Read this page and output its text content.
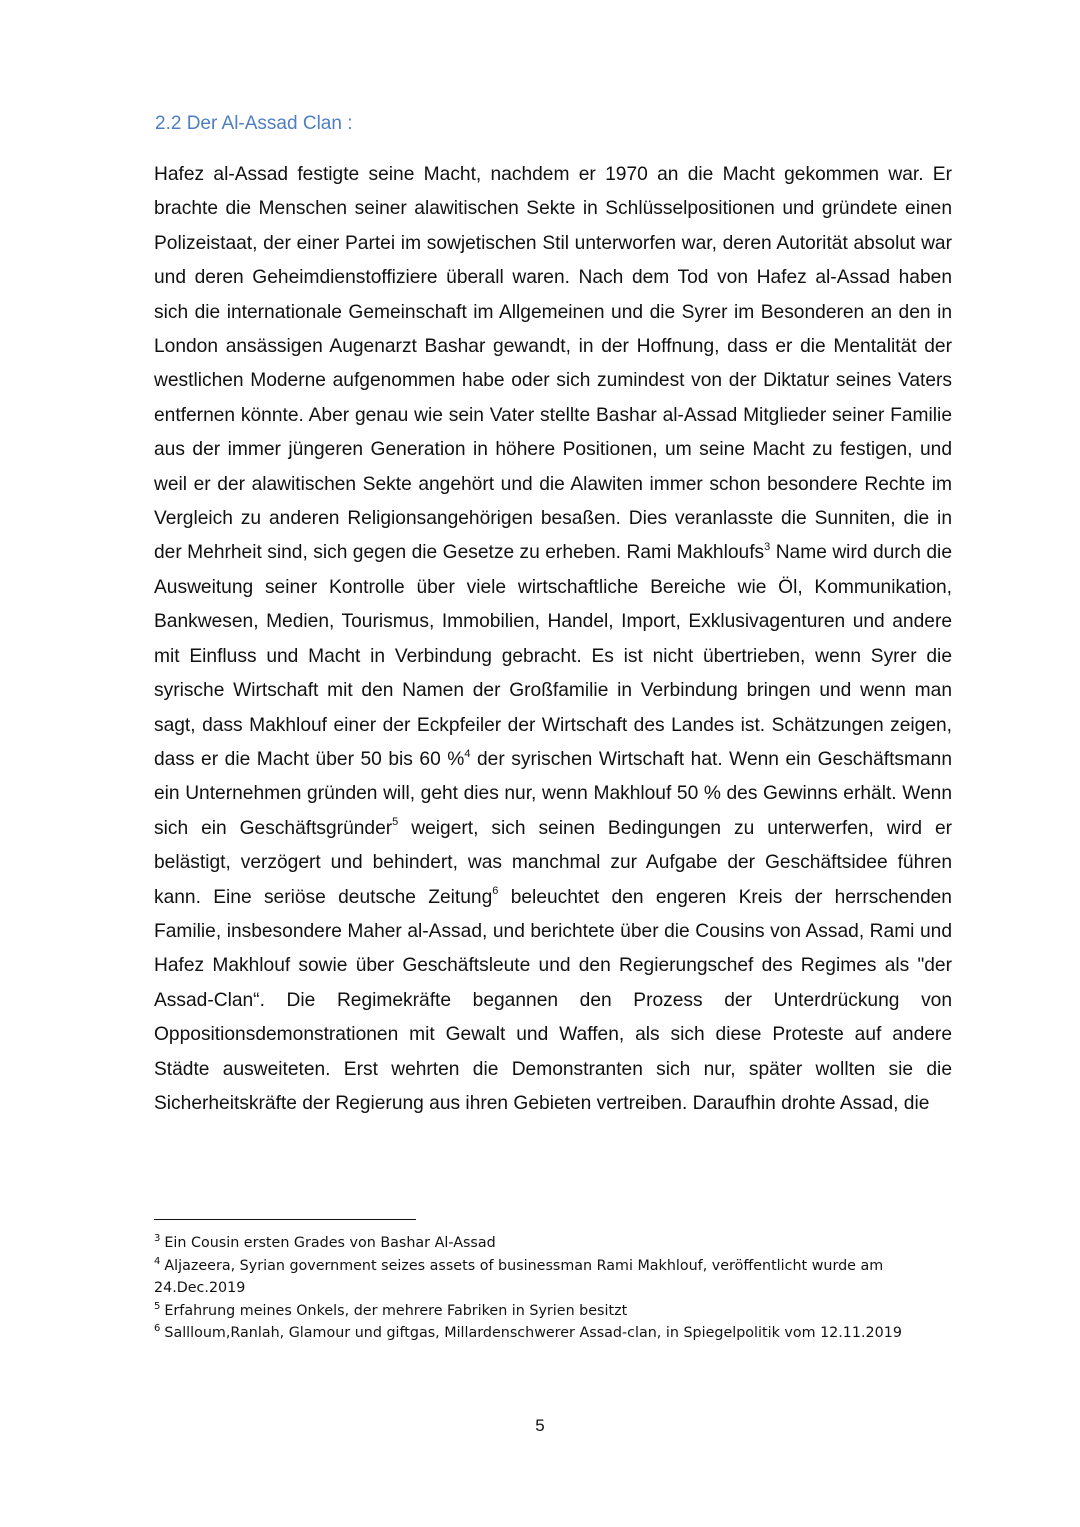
2.2 Der Al-Assad Clan :

Hafez al-Assad festigte seine Macht, nachdem er 1970 an die Macht gekommen war. Er brachte die Menschen seiner alawitischen Sekte in Schlüsselpositionen und gründete einen Polizeistaat, der einer Partei im sowjetischen Stil unterworfen war, deren Autorität absolut war und deren Geheimdienstoffiziere überall waren. Nach dem Tod von Hafez al-Assad haben sich die internationale Gemeinschaft im Allgemeinen und die Syrer im Besonderen an den in London ansässigen Augenarzt Bashar gewandt, in der Hoffnung, dass er die Mentalität der westlichen Moderne aufgenommen habe oder sich zumindest von der Diktatur seines Vaters entfernen könnte. Aber genau wie sein Vater stellte Bashar al-Assad Mitglieder seiner Familie aus der immer jüngeren Generation in höhere Positionen, um seine Macht zu festigen, und weil er der alawitischen Sekte angehört und die Alawiten immer schon besondere Rechte im Vergleich zu anderen Religionsangehörigen besaßen. Dies veranlasste die Sunniten, die in der Mehrheit sind, sich gegen die Gesetze zu erheben. Rami Makhloufs$^3$ Name wird durch die Ausweitung seiner Kontrolle über viele wirtschaftliche Bereiche wie Öl, Kommunikation, Bankwesen, Medien, Tourismus, Immobilien, Handel, Import, Exklusivagenturen und andere mit Einfluss und Macht in Verbindung gebracht. Es ist nicht übertrieben, wenn Syrer die syrische Wirtschaft mit den Namen der Großfamilie in Verbindung bringen und wenn man sagt, dass Makhlouf einer der Eckpfeiler der Wirtschaft des Landes ist. Schätzungen zeigen, dass er die Macht über 50 bis 60 %$^4$ der syrischen Wirtschaft hat. Wenn ein Geschäftsmann ein Unternehmen gründen will, geht dies nur, wenn Makhlouf 50 % des Gewinns erhält. Wenn sich ein Geschäftsgründer$^5$ weigert, sich seinen Bedingungen zu unterwerfen, wird er belästigt, verzögert und behindert, was manchmal zur Aufgabe der Geschäftsidee führen kann. Eine seriöse deutsche Zeitung$^6$ beleuchtet den engeren Kreis der herrschenden Familie, insbesondere Maher al-Assad, und berichtete über die Cousins von Assad, Rami und Hafez Makhlouf sowie über Geschäftsleute und den Regierungschef des Regimes als "der Assad-Clan“. Die Regimekräfte begannen den Prozess der Unterdrückung von Oppositionsdemonstrationen mit Gewalt und Waffen, als sich diese Proteste auf andere Städte ausweiteten. Erst wehrten die Demonstranten sich nur, später wollten sie die Sicherheitskräfte der Regierung aus ihren Gebieten vertreiben. Daraufhin drohte Assad, die

$^3$ Ein Cousin ersten Grades von Bashar Al-Assad

$^4$ Aljazeera, Syrian government seizes assets of businessman Rami Makhlouf, veröffentlicht wurde am 24.Dec.2019

$^5$ Erfahrung meines Onkels, der mehrere Fabriken in Syrien besitzt

$^6$ Sallloum,Ranlah, Glamour und giftgas, Millardenschwerer Assad-clan, in Spiegelpolitik vom 12.11.2019

5
